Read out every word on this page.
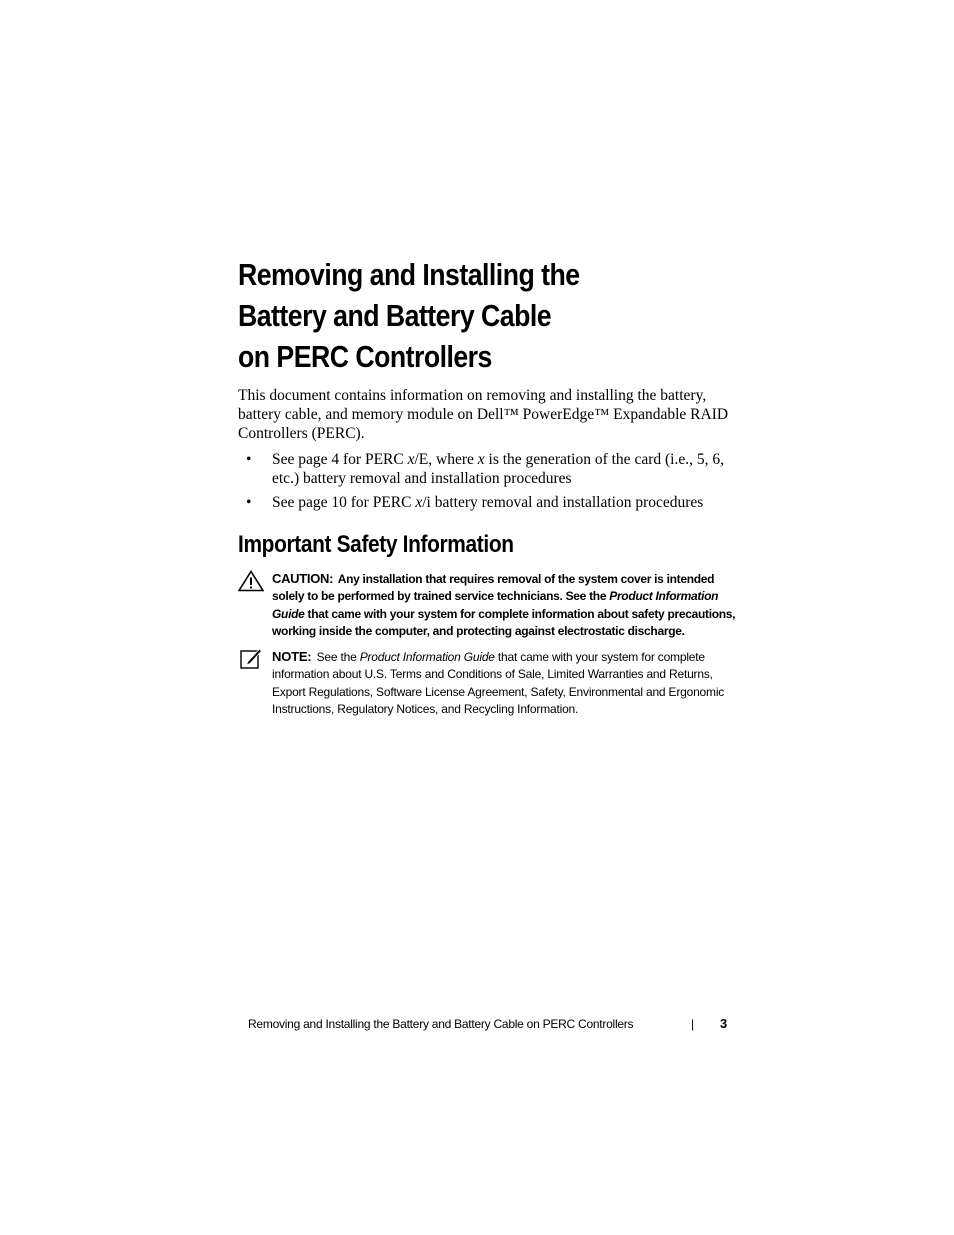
Removing and Installing the
Battery and Battery Cable
on PERC Controllers

This document contains information on removing and installing the battery, battery cable, and memory module on Dell™ PowerEdge™ Expandable RAID Controllers (PERC).

• See page 4 for PERC x/E, where x is the generation of the card (i.e., 5, 6, etc.) battery removal and installation procedures
• See page 10 for PERC x/i battery removal and installation procedures
Important Safety Information
CAUTION: Any installation that requires removal of the system cover is intended solely to be performed by trained service technicians. See the Product Information Guide that came with your system for complete information about safety precautions, working inside the computer, and protecting against electrostatic discharge.
NOTE: See the Product Information Guide that came with your system for complete information about U.S. Terms and Conditions of Sale, Limited Warranties and Returns, Export Regulations, Software License Agreement, Safety, Environmental and Ergonomic Instructions, Regulatory Notices, and Recycling Information.
Removing and Installing the Battery and Battery Cable on PERC Controllers	| 3
